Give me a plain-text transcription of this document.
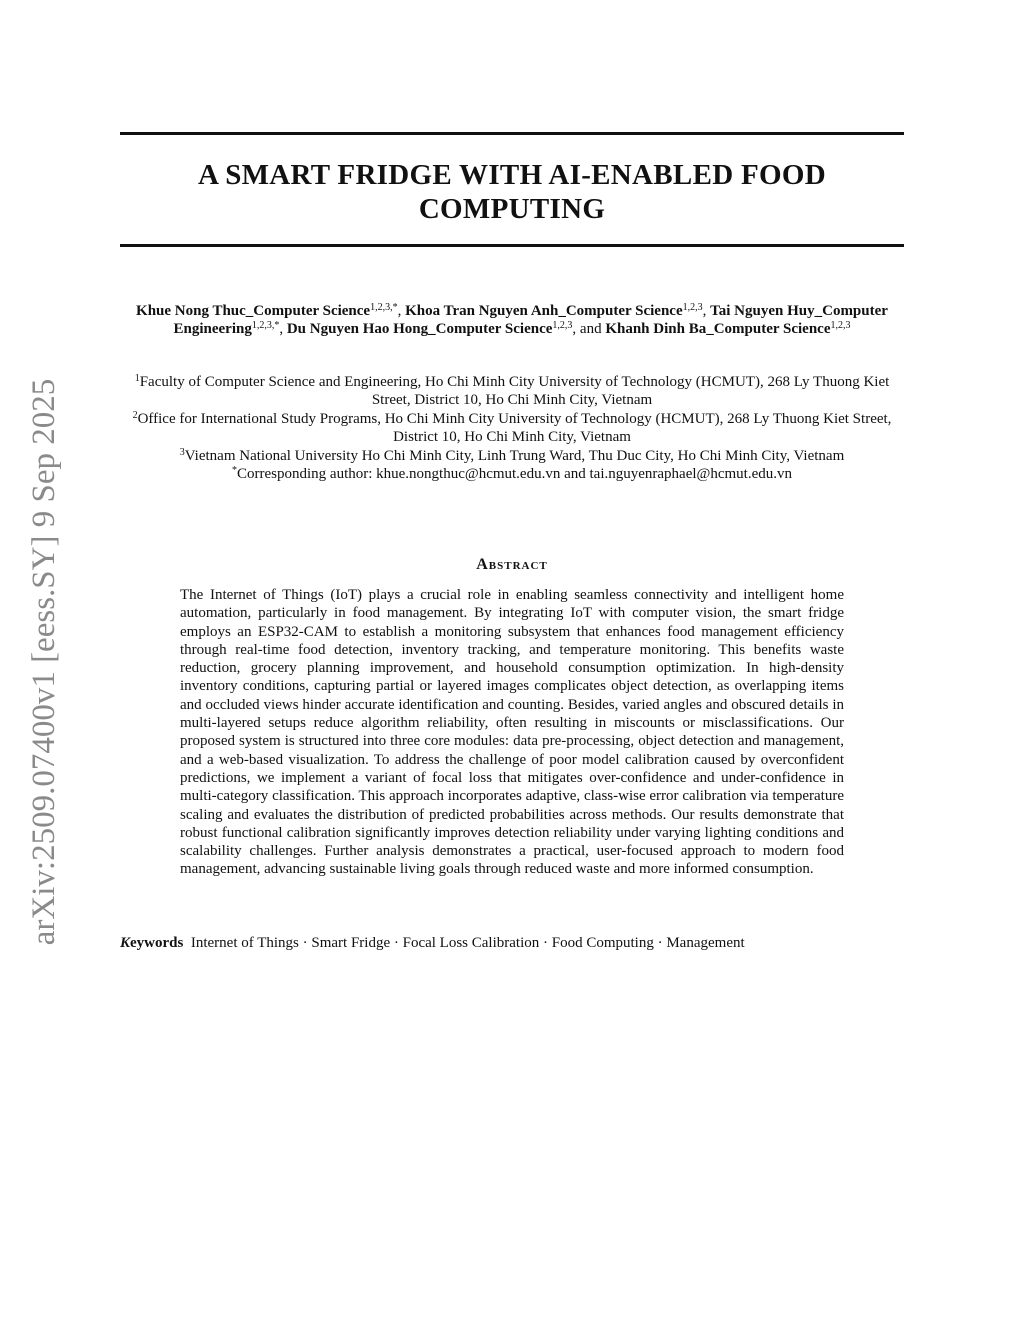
arXiv:2509.07400v1 [eess.SY] 9 Sep 2025
A SMART FRIDGE WITH AI-ENABLED FOOD
COMPUTING
Khue Nong Thuc_Computer Science$^{1,2,3,*}$, Khoa Tran Nguyen Anh_Computer Science$^{1,2,3}$, Tai Nguyen Huy_Computer Engineering$^{1,2,3,*}$, Du Nguyen Hao Hong_Computer Science$^{1,2,3}$, and Khanh Dinh Ba_Computer Science$^{1,2,3}$

$^1$Faculty of Computer Science and Engineering, Ho Chi Minh City University of Technology (HCMUT), 268 Ly Thuong Kiet Street, District 10, Ho Chi Minh City, Vietnam

$^2$Office for International Study Programs, Ho Chi Minh City University of Technology (HCMUT), 268 Ly Thuong Kiet Street, District 10, Ho Chi Minh City, Vietnam

$^3$Vietnam National University Ho Chi Minh City, Linh Trung Ward, Thu Duc City, Ho Chi Minh City, Vietnam

*Corresponding author: khue.nongthuc@hcmut.edu.vn and tai.nguyenraphael@hcmut.edu.vn

Abstract

The Internet of Things (IoT) plays a crucial role in enabling seamless connectivity and intelligent home automation, particularly in food management. By integrating IoT with computer vision, the smart fridge employs an ESP32-CAM to establish a monitoring subsystem that enhances food management efficiency through real-time food detection, inventory tracking, and temperature monitoring. This benefits waste reduction, grocery planning improvement, and household consumption optimization. In high-density inventory conditions, capturing partial or layered images complicates object detection, as overlapping items and occluded views hinder accurate identification and counting. Besides, varied angles and obscured details in multi-layered setups reduce algorithm reliability, often resulting in miscounts or misclassifications. Our proposed system is structured into three core modules: data pre-processing, object detection and management, and a web-based visualization. To address the challenge of poor model calibration caused by overconfident predictions, we implement a variant of focal loss that mitigates over-confidence and under-confidence in multi-category classification. This approach incorporates adaptive, class-wise error calibration via temperature scaling and evaluates the distribution of predicted probabilities across methods. Our results demonstrate that robust functional calibration significantly improves detection reliability under varying lighting conditions and scalability challenges. Further analysis demonstrates a practical, user-focused approach to modern food management, advancing sustainable living goals through reduced waste and more informed consumption.

Keywords Internet of Things · Smart Fridge · Focal Loss Calibration · Food Computing · Management
